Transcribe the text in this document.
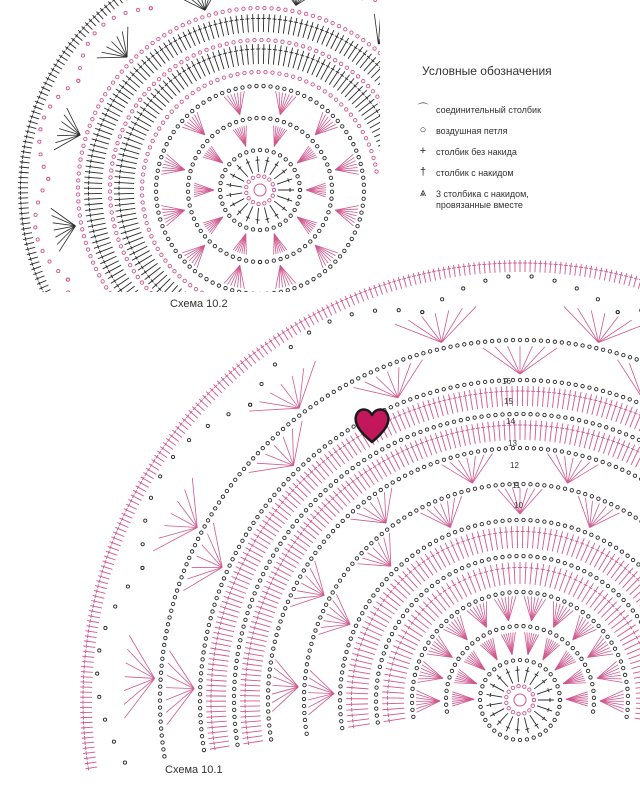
10
11
12
13
14
15
16
Схема 10.2
Схема 10.1
Условные обозначения
⌒ соединительный столбик
○	воздушная петля
+	столбик без накида
†	столбик с накидом
⩓	3 столбика с накидом, провязанные вместе
